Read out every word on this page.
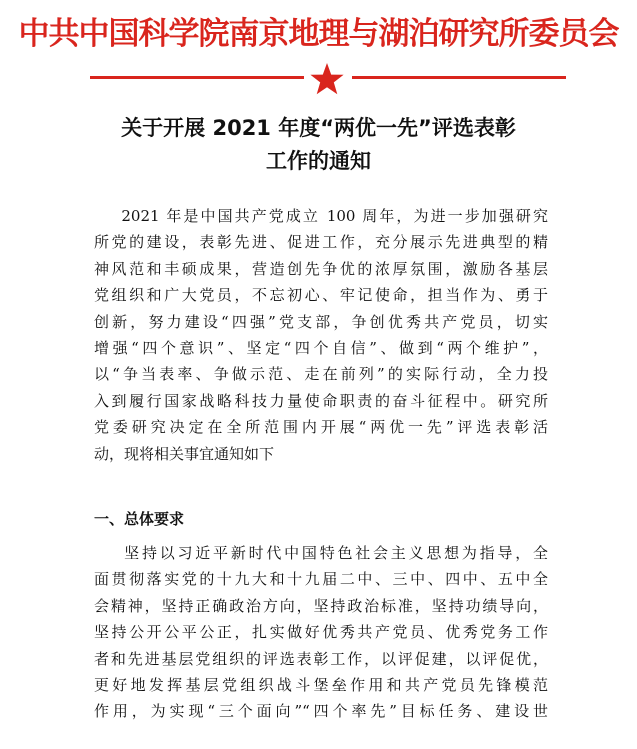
中共中国科学院南京地理与湖泊研究所委员会
关于开展 2021 年度“两优一先”评选表彰
工作的通知
2021 年是中国共产党成立 100 周年，为进一步加强研究
所党的建设，表彰先进、促进工作，充分展示先进典型的精
神风范和丰硕成果，营造创先争优的浓厚氛围，激励各基层
党组织和广大党员，不忘初心、牢记使命，担当作为、勇于
创新，努力建设“四强”党支部，争创优秀共产党员，切实
增强“四个意识”、坚定“四个自信”、做到“两个维护”，
以“争当表率、争做示范、走在前列”的实际行动，全力投
入到履行国家战略科技力量使命职责的奋斗征程中。研究所
党委研究决定在全所范围内开展“两优一先”评选表彰活
动，现将相关事宜通知如下
一、总体要求
坚持以习近平新时代中国特色社会主义思想为指导，全
面贯彻落实党的十九大和十九届二中、三中、四中、五中全
会精神，坚持正确政治方向，坚持政治标准，坚持功绩导向，
坚持公开公平公正，扎实做好优秀共产党员、优秀党务工作
者和先进基层党组织的评选表彰工作，以评促建，以评促优，
更好地发挥基层党组织战斗堡垒作用和共产党员先锋模范
作用，为实现“三个面向”“四个率先”目标任务、建设世
